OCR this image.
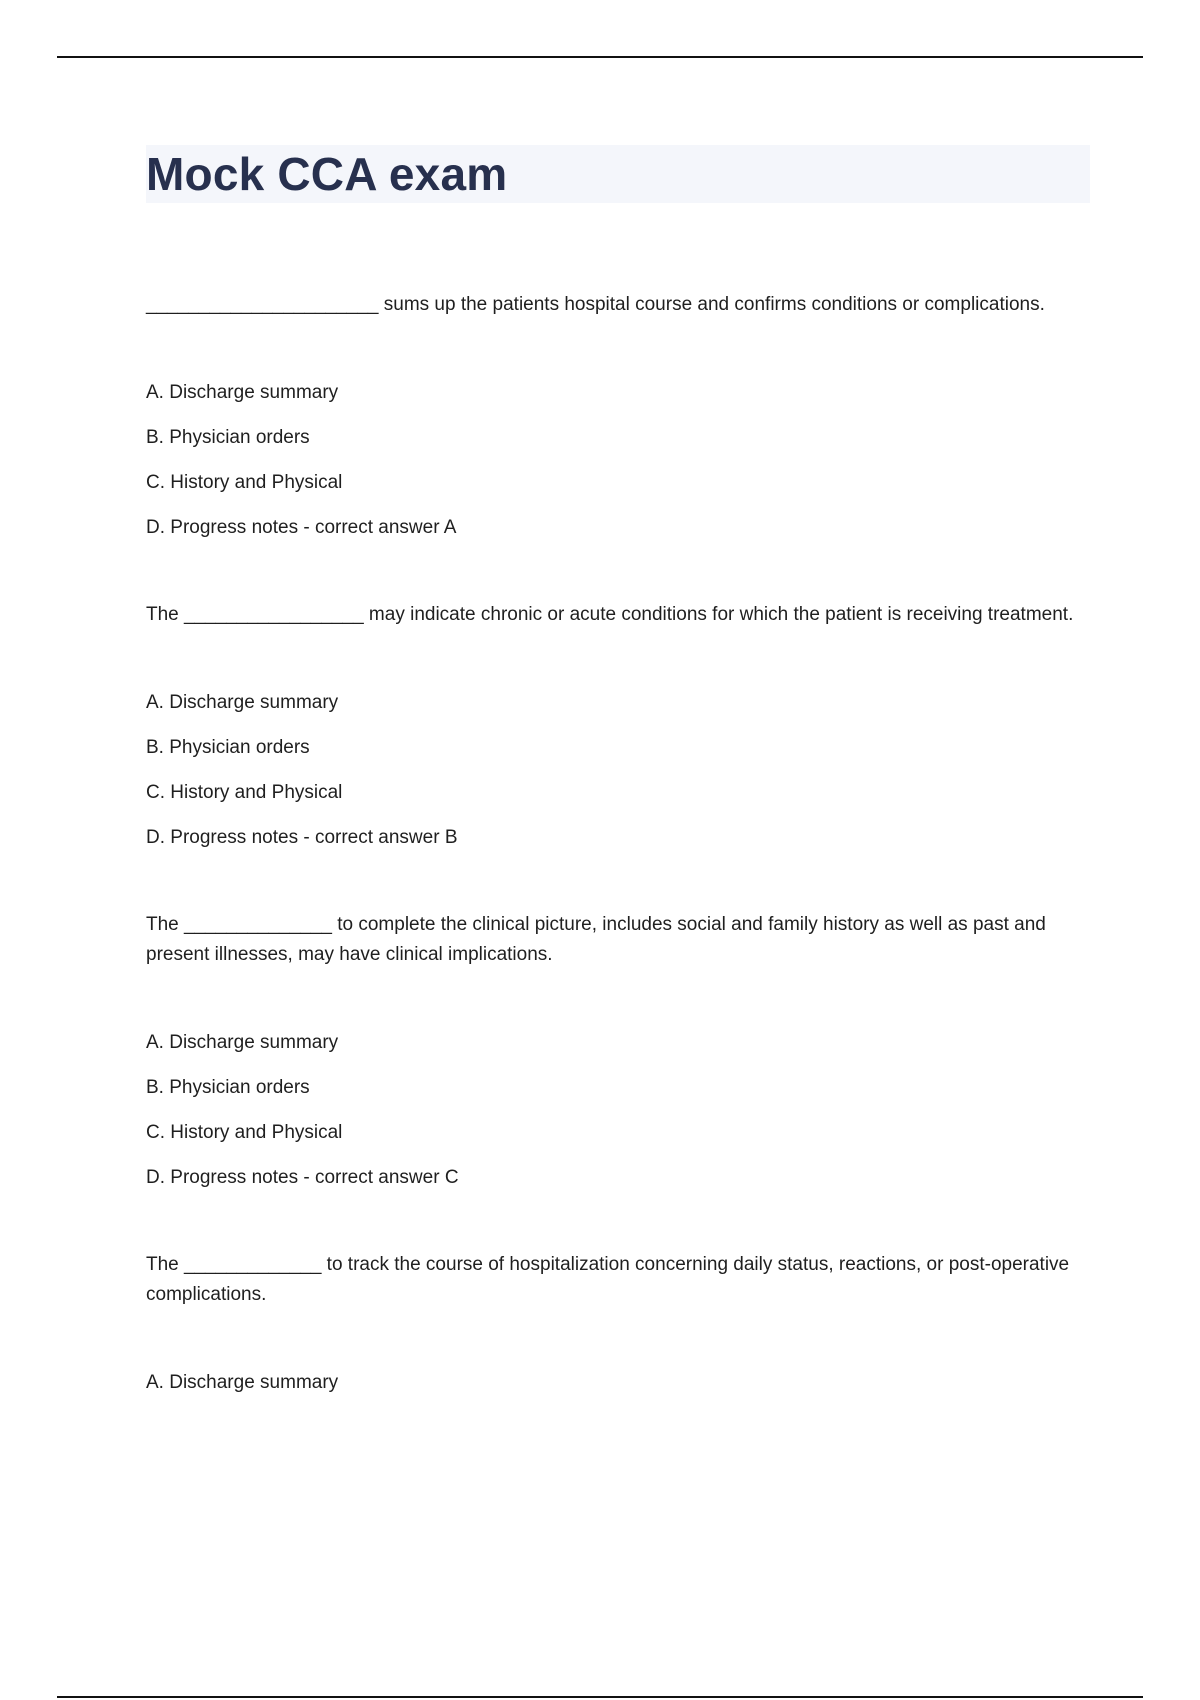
Mock CCA exam

______________________ sums up the patients hospital course and confirms conditions or complications.

A. Discharge summary

B. Physician orders

C. History and Physical

D. Progress notes - correct answer A

The _________________ may indicate chronic or acute conditions for which the patient is receiving treatment.

A. Discharge summary

B. Physician orders

C. History and Physical

D. Progress notes - correct answer B

The ______________ to complete the clinical picture, includes social and family history as well as past and present illnesses, may have clinical implications.

A. Discharge summary

B. Physician orders

C. History and Physical

D. Progress notes - correct answer C

The _____________ to track the course of hospitalization concerning daily status, reactions, or post-operative complications.

A. Discharge summary
